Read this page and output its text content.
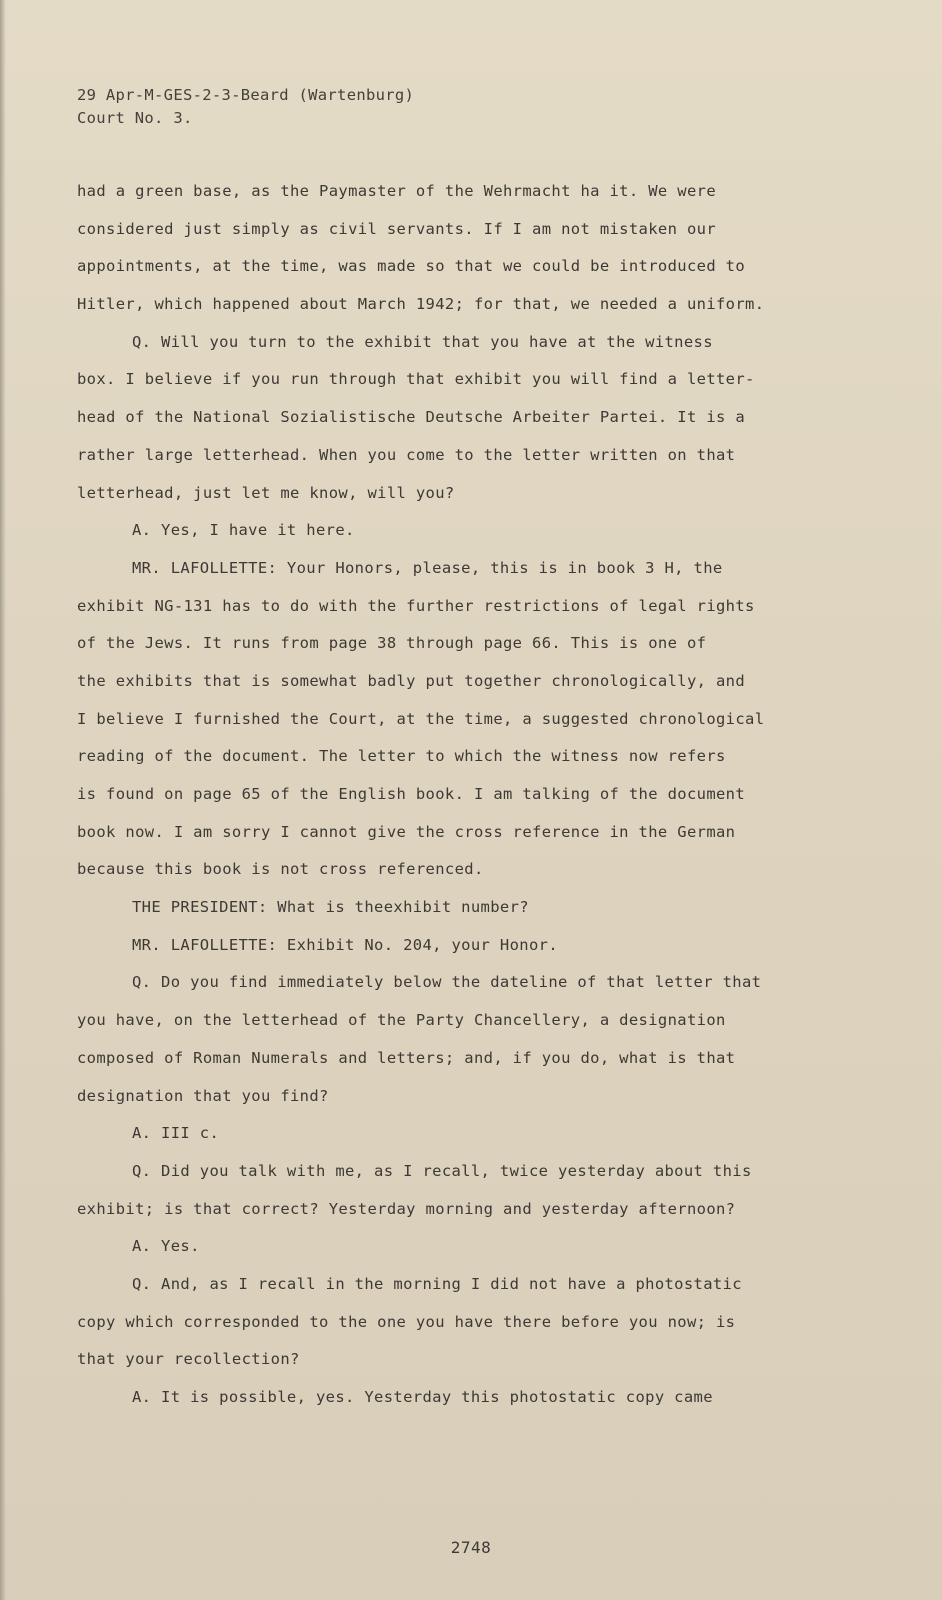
29 Apr-M-GES-2-3-Beard (Wartenburg)
Court No. 3.
had a green base, as the Paymaster of the Wehrmacht ha it. We were
considered just simply as civil servants. If I am not mistaken our
appointments, at the time, was made so that we could be introduced to
Hitler, which happened about March 1942; for that, we needed a uniform.
Q. Will you turn to the exhibit that you have at the witness
box. I believe if you run through that exhibit you will find a letter-
head of the National Sozialistische Deutsche Arbeiter Partei. It is a
rather large letterhead. When you come to the letter written on that
letterhead, just let me know, will you?
A. Yes, I have it here.
MR. LAFOLLETTE: Your Honors, please, this is in book 3 H, the
exhibit NG-131 has to do with the further restrictions of legal rights
of the Jews. It runs from page 38 through page 66. This is one of
the exhibits that is somewhat badly put together chronologically, and
I believe I furnished the Court, at the time, a suggested chronological
reading of the document. The letter to which the witness now refers
is found on page 65 of the English book. I am talking of the document
book now. I am sorry I cannot give the cross reference in the German
because this book is not cross referenced.
THE PRESIDENT: What is theexhibit number?
MR. LAFOLLETTE: Exhibit No. 204, your Honor.
Q. Do you find immediately below the dateline of that letter that
you have, on the letterhead of the Party Chancellery, a designation
composed of Roman Numerals and letters; and, if you do, what is that
designation that you find?
A. III c.
Q. Did you talk with me, as I recall, twice yesterday about this
exhibit; is that correct? Yesterday morning and yesterday afternoon?
A. Yes.
Q. And, as I recall in the morning I did not have a photostatic
copy which corresponded to the one you have there before you now; is
that your recollection?
A. It is possible, yes. Yesterday this photostatic copy came
2748
